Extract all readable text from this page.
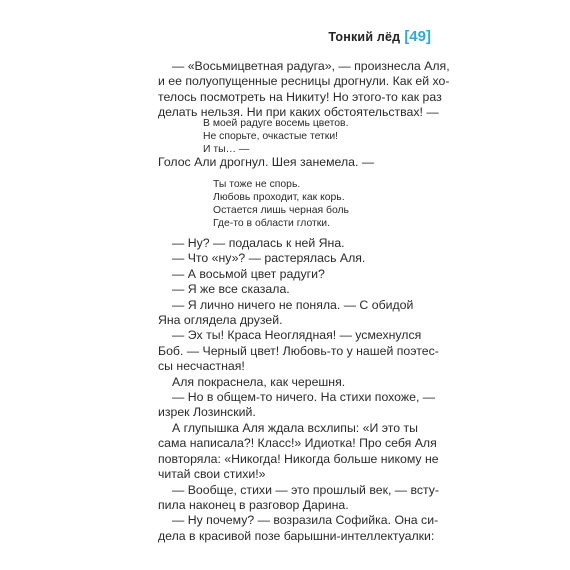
Тонкий лёд [49]
— «Восьмицветная радуга», — произнесла Аля,
и ее полуопущенные ресницы дрогнули. Как ей хо-
телось посмотреть на Никиту! Но этого-то как раз
делать нельзя. Ни при каких обстоятельствах! —
В моей радуге восемь цветов.
Не спорьте, очкастые тетки!
И ты… —
Голос Али дрогнул. Шея занемела. —
Ты тоже не спорь.
Любовь проходит, как корь.
Остается лишь черная боль
Где-то в области глотки.
— Ну? — подалась к ней Яна.
— Что «ну»? — растерялась Аля.
— А восьмой цвет радуги?
— Я же все сказала.
— Я лично ничего не поняла. — С обидой
Яна оглядела друзей.
— Эх ты! Краса Неоглядная! — усмехнулся
Боб. — Черный цвет! Любовь-то у нашей поэтес-
сы несчастная!
Аля покраснела, как черешня.
— Но в общем-то ничего. На стихи похоже, —
изрек Лозинский.
А глупышка Аля ждала всхлипы: «И это ты
сама написала?! Класс!» Идиотка! Про себя Аля
повторяла: «Никогда! Никогда больше никому не
читай свои стихи!»
— Вообще, стихи — это прошлый век, — всту-
пила наконец в разговор Дарина.
— Ну почему? — возразила Софийка. Она си-
дела в красивой позе барышни-интеллектуалки:
